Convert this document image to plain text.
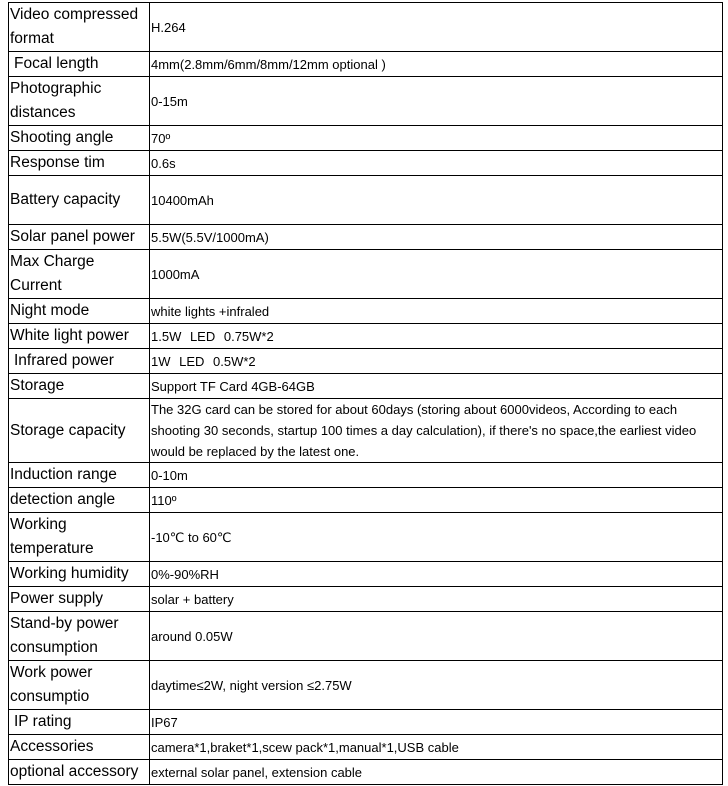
Video compressed format	H.264
Focal length	4mm(2.8mm/6mm/8mm/12mm optional )
Photographic distances	0-15m
Shooting angle	70º
Response tim	0.6s
Battery capacity	10400mAh
Solar panel power	5.5W(5.5V/1000mA)
Max Charge Current	1000mA
Night mode	white lights +infraled
White light power	1.5W LED 0.75W*2
Infrared power	1W LED 0.5W*2
Storage	Support TF Card 4GB-64GB
Storage capacity	The 32G card can be stored for about 60days (storing about 6000videos, According to each shooting 30 seconds, startup 100 times a day calculation), if there's no space,the earliest video would be replaced by the latest one.
Induction range	0-10m
detection angle	110º
Working temperature	-10℃ to 60℃
Working humidity	0%-90%RH
Power supply	solar + battery
Stand-by power consumption	around 0.05W
Work power consumptio	daytime≤2W, night version ≤2.75W
IP rating	IP67
Accessories	camera*1,braket*1,scew pack*1,manual*1,USB cable
optional accessory	external solar panel, extension cable
